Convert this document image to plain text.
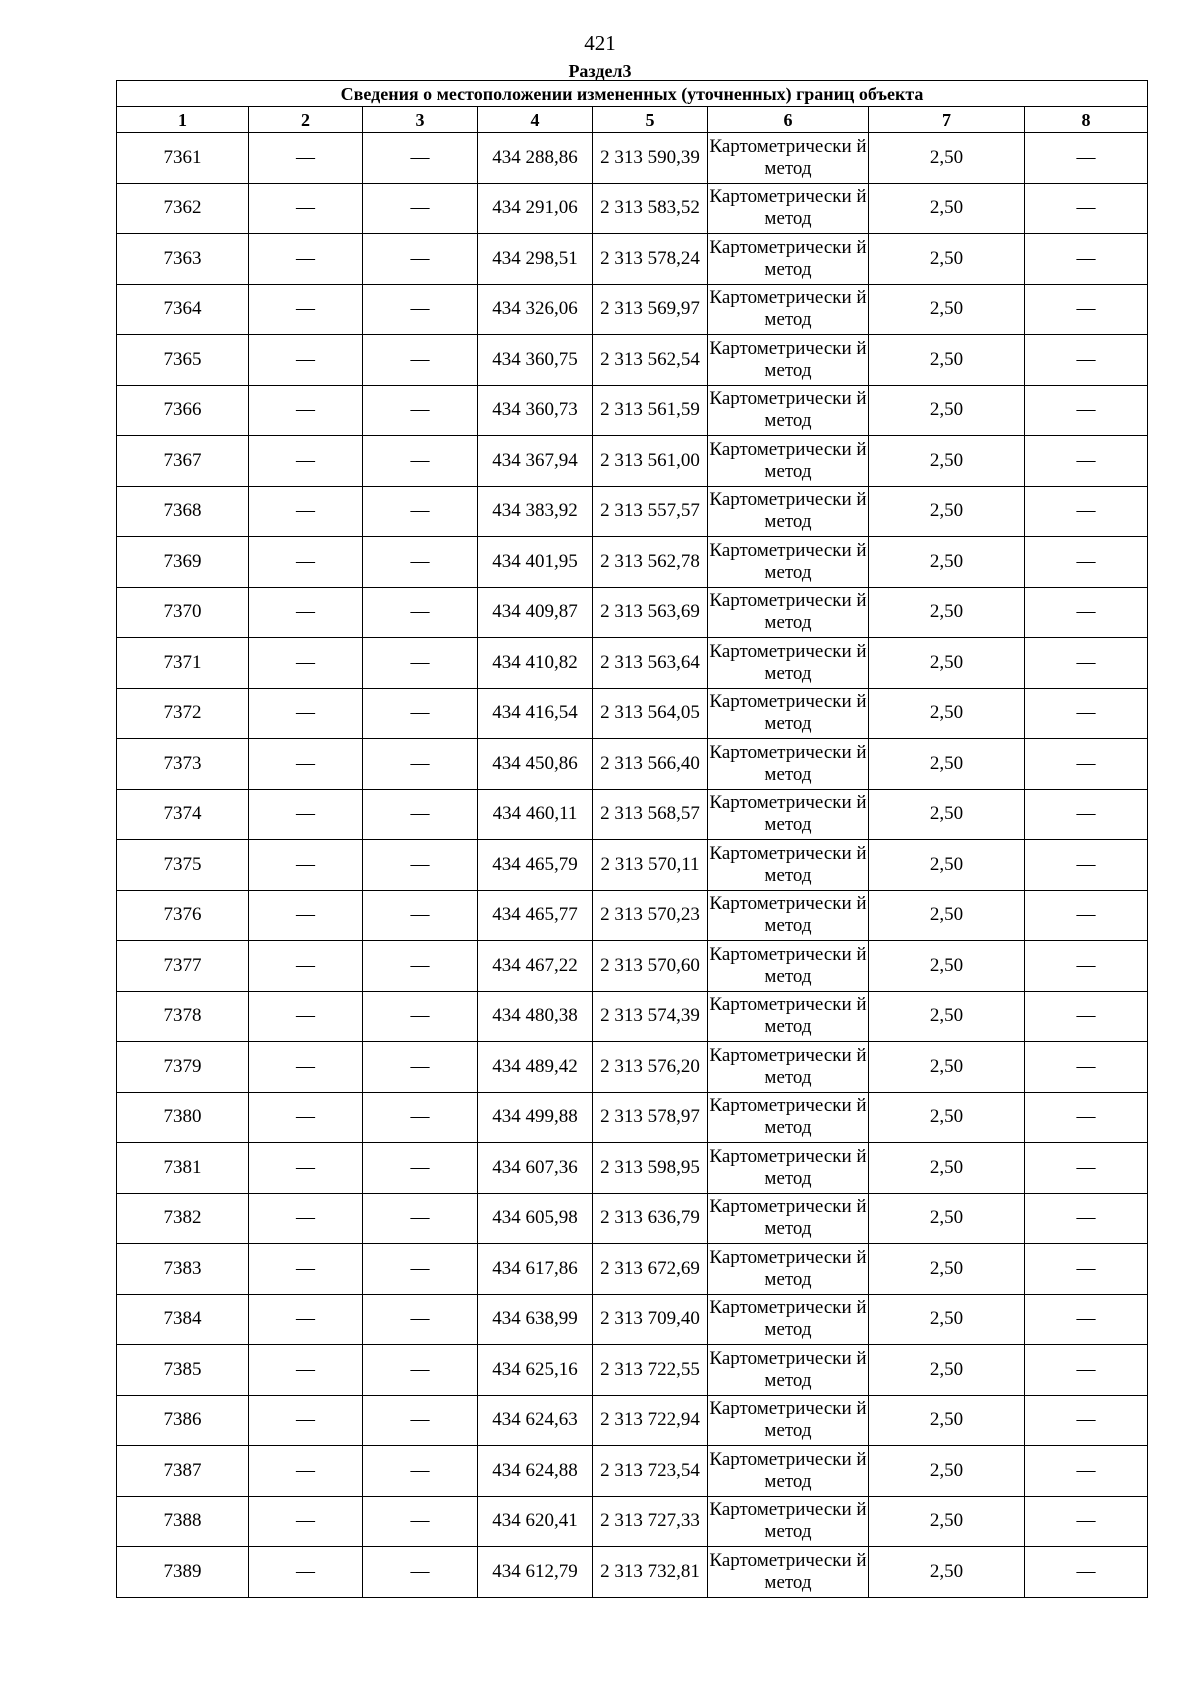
421
Раздел3
Сведения о местоположении измененных (уточненных) границ объекта							
1	2	3	4	5	6	7	8
7361	—	—	434 288,86	2 313 590,39	Картометрически й метод	2,50	—
7362	—	—	434 291,06	2 313 583,52	Картометрически й метод	2,50	—
7363	—	—	434 298,51	2 313 578,24	Картометрически й метод	2,50	—
7364	—	—	434 326,06	2 313 569,97	Картометрически й метод	2,50	—
7365	—	—	434 360,75	2 313 562,54	Картометрически й метод	2,50	—
7366	—	—	434 360,73	2 313 561,59	Картометрически й метод	2,50	—
7367	—	—	434 367,94	2 313 561,00	Картометрически й метод	2,50	—
7368	—	—	434 383,92	2 313 557,57	Картометрически й метод	2,50	—
7369	—	—	434 401,95	2 313 562,78	Картометрически й метод	2,50	—
7370	—	—	434 409,87	2 313 563,69	Картометрически й метод	2,50	—
7371	—	—	434 410,82	2 313 563,64	Картометрически й метод	2,50	—
7372	—	—	434 416,54	2 313 564,05	Картометрически й метод	2,50	—
7373	—	—	434 450,86	2 313 566,40	Картометрически й метод	2,50	—
7374	—	—	434 460,11	2 313 568,57	Картометрически й метод	2,50	—
7375	—	—	434 465,79	2 313 570,11	Картометрически й метод	2,50	—
7376	—	—	434 465,77	2 313 570,23	Картометрически й метод	2,50	—
7377	—	—	434 467,22	2 313 570,60	Картометрически й метод	2,50	—
7378	—	—	434 480,38	2 313 574,39	Картометрически й метод	2,50	—
7379	—	—	434 489,42	2 313 576,20	Картометрически й метод	2,50	—
7380	—	—	434 499,88	2 313 578,97	Картометрически й метод	2,50	—
7381	—	—	434 607,36	2 313 598,95	Картометрически й метод	2,50	—
7382	—	—	434 605,98	2 313 636,79	Картометрически й метод	2,50	—
7383	—	—	434 617,86	2 313 672,69	Картометрически й метод	2,50	—
7384	—	—	434 638,99	2 313 709,40	Картометрически й метод	2,50	—
7385	—	—	434 625,16	2 313 722,55	Картометрически й метод	2,50	—
7386	—	—	434 624,63	2 313 722,94	Картометрически й метод	2,50	—
7387	—	—	434 624,88	2 313 723,54	Картометрически й метод	2,50	—
7388	—	—	434 620,41	2 313 727,33	Картометрически й метод	2,50	—
7389	—	—	434 612,79	2 313 732,81	Картометрически й метод	2,50	—
